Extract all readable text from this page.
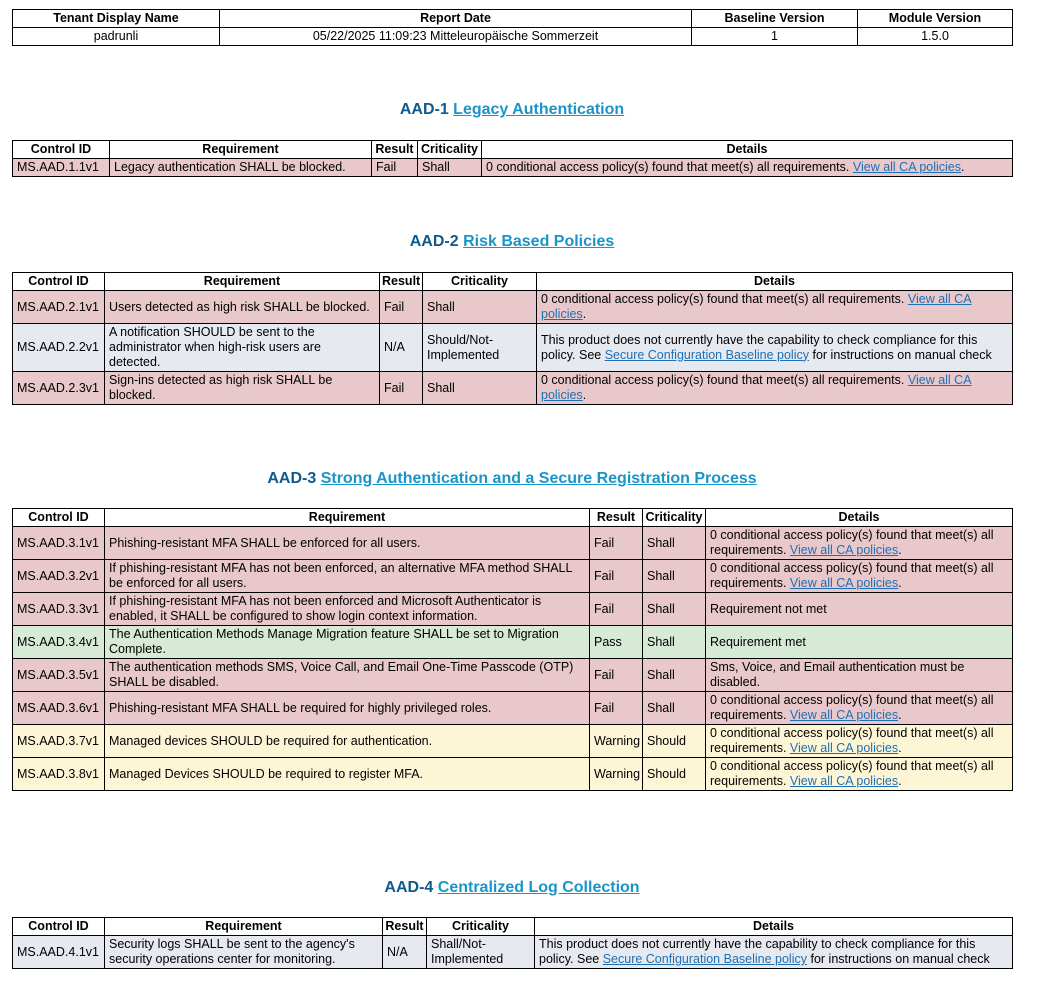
Tenant Display Name	Report Date	Baseline Version	Module Version
padrunli	05/22/2025 11:09:23 Mitteleuropäische Sommerzeit	1	1.5.0
AAD-1 Legacy Authentication
AAD-2 Risk Based Policies
AAD-3 Strong Authentication and a Secure Registration Process
AAD-4 Centralized Log Collection
Control ID	Requirement	Result	Criticality	Details
MS.AAD.1.1v1	Legacy authentication SHALL be blocked.	Fail	Shall	0 conditional access policy(s) found that meet(s) all requirements. View all CA policies.
Control ID	Requirement	Result	Criticality	Details
MS.AAD.2.1v1	Users detected as high risk SHALL be blocked.	Fail	Shall	0 conditional access policy(s) found that meet(s) all requirements. View all CA policies.
MS.AAD.2.2v1	A notification SHOULD be sent to the administrator when high-risk users are detected.	N/A	Should/Not-Implemented	This product does not currently have the capability to check compliance for this policy. See Secure Configuration Baseline policy for instructions on manual check
MS.AAD.2.3v1	Sign-ins detected as high risk SHALL be blocked.	Fail	Shall	0 conditional access policy(s) found that meet(s) all requirements. View all CA policies.
Control ID	Requirement	Result	Criticality	Details
MS.AAD.3.1v1	Phishing-resistant MFA SHALL be enforced for all users.	Fail	Shall	0 conditional access policy(s) found that meet(s) all requirements. View all CA policies.
MS.AAD.3.2v1	If phishing-resistant MFA has not been enforced, an alternative MFA method SHALL be enforced for all users.	Fail	Shall	0 conditional access policy(s) found that meet(s) all requirements. View all CA policies.
MS.AAD.3.3v1	If phishing-resistant MFA has not been enforced and Microsoft Authenticator is enabled, it SHALL be configured to show login context information.	Fail	Shall	Requirement not met
MS.AAD.3.4v1	The Authentication Methods Manage Migration feature SHALL be set to Migration Complete.	Pass	Shall	Requirement met
MS.AAD.3.5v1	The authentication methods SMS, Voice Call, and Email One-Time Passcode (OTP) SHALL be disabled.	Fail	Shall	Sms, Voice, and Email authentication must be disabled.
MS.AAD.3.6v1	Phishing-resistant MFA SHALL be required for highly privileged roles.	Fail	Shall	0 conditional access policy(s) found that meet(s) all requirements. View all CA policies.
MS.AAD.3.7v1	Managed devices SHOULD be required for authentication.	Warning	Should	0 conditional access policy(s) found that meet(s) all requirements. View all CA policies.
MS.AAD.3.8v1	Managed Devices SHOULD be required to register MFA.	Warning	Should	0 conditional access policy(s) found that meet(s) all requirements. View all CA policies.
Control ID	Requirement	Result	Criticality	Details
MS.AAD.4.1v1	Security logs SHALL be sent to the agency's security operations center for monitoring.	N/A	Shall/Not-Implemented	This product does not currently have the capability to check compliance for this policy. See Secure Configuration Baseline policy for instructions on manual check
